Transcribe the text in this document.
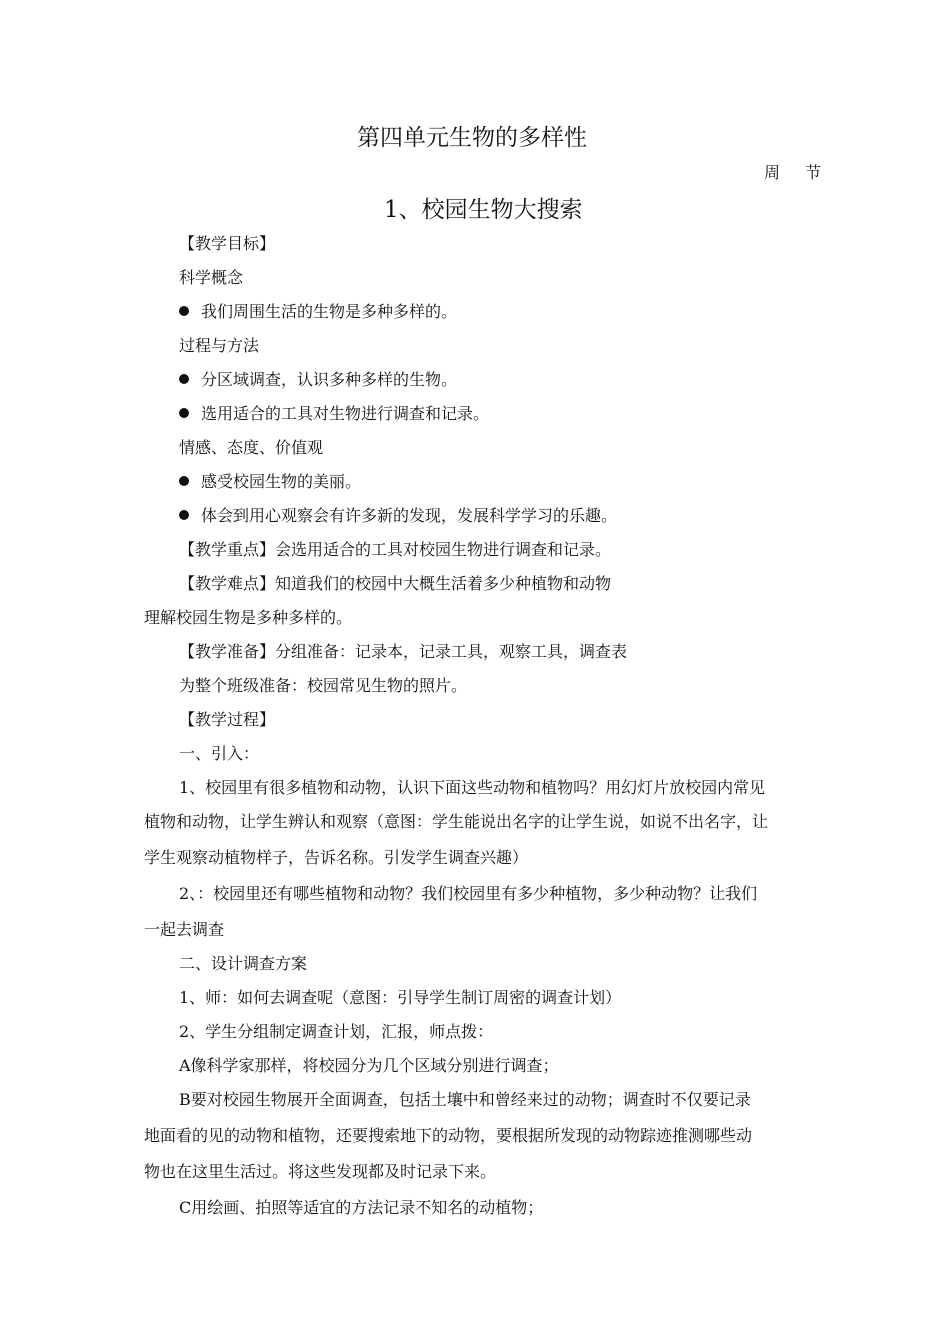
第四单元生物的多样性
周 节
1、校园生物大搜索
【教学目标】
科学概念
我们周围生活的生物是多种多样的。
过程与方法
分区域调查，认识多种多样的生物。
选用适合的工具对生物进行调查和记录。
情感、态度、价值观
感受校园生物的美丽。
体会到用心观察会有许多新的发现，发展科学学习的乐趣。
【教学重点】会选用适合的工具对校园生物进行调查和记录。
【教学难点】知道我们的校园中大概生活着多少种植物和动物
理解校园生物是多种多样的。
【教学准备】分组准备：记录本，记录工具，观察工具，调查表
为整个班级准备：校园常见生物的照片。
【教学过程】
一、引入：
1、校园里有很多植物和动物，认识下面这些动物和植物吗？用幻灯片放校园内常见
植物和动物，让学生辨认和观察（意图：学生能说出名字的让学生说，如说不出名字，让
学生观察动植物样子，告诉名称。引发学生调查兴趣）
2、：校园里还有哪些植物和动物？我们校园里有多少种植物，多少种动物？让我们
一起去调查
二、设计调查方案
1、师：如何去调查呢（意图：引导学生制订周密的调查计划）
2、学生分组制定调查计划，汇报，师点拨：
A像科学家那样，将校园分为几个区域分别进行调查；
B要对校园生物展开全面调查，包括土壤中和曾经来过的动物；调查时不仅要记录
地面看的见的动物和植物，还要搜索地下的动物，要根据所发现的动物踪迹推测哪些动
物也在这里生活过。将这些发现都及时记录下来。
C用绘画、拍照等适宜的方法记录不知名的动植物；
